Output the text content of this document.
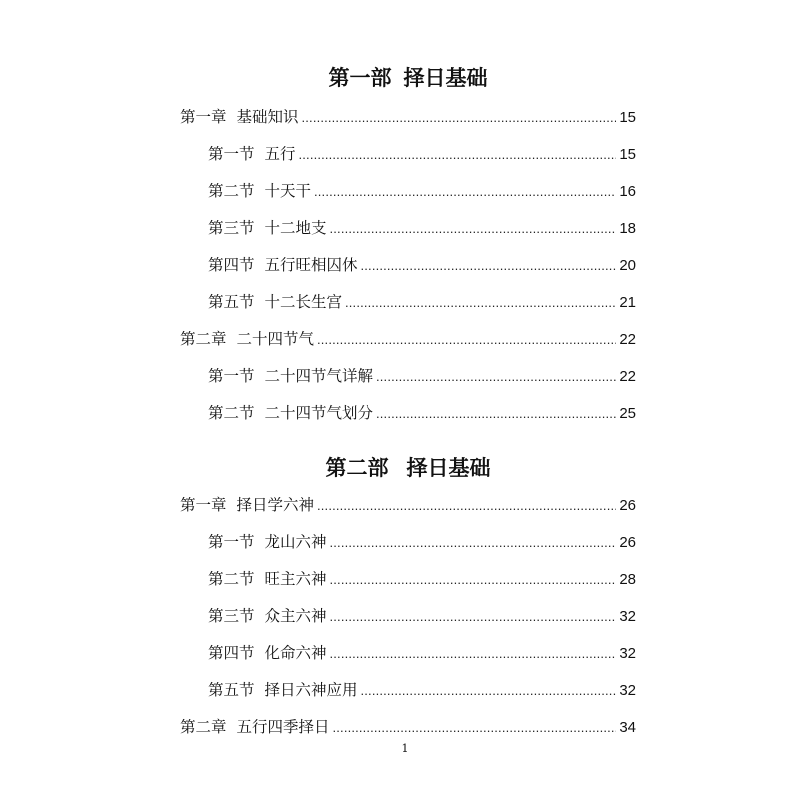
第一部 择日基础
第一章 基础知识 .....	15
第一节 五行 .....	15
第二节 十天干 .....	16
第三节 十二地支 .....	18
第四节 五行旺相囚休 .....	20
第五节 十二长生宫 .....	21
第二章 二十四节气 .....	22
第一节 二十四节气详解 .....	22
第二节 二十四节气划分 .....	25
第二部 择日基础
第一章 择日学六神 .....	26
第一节 龙山六神 .....	26
第二节 旺主六神 .....	28
第三节 众主六神 .....	32
第四节 化命六神 .....	32
第五节 择日六神应用 .....	32
第二章 五行四季择日 .....	34
1
